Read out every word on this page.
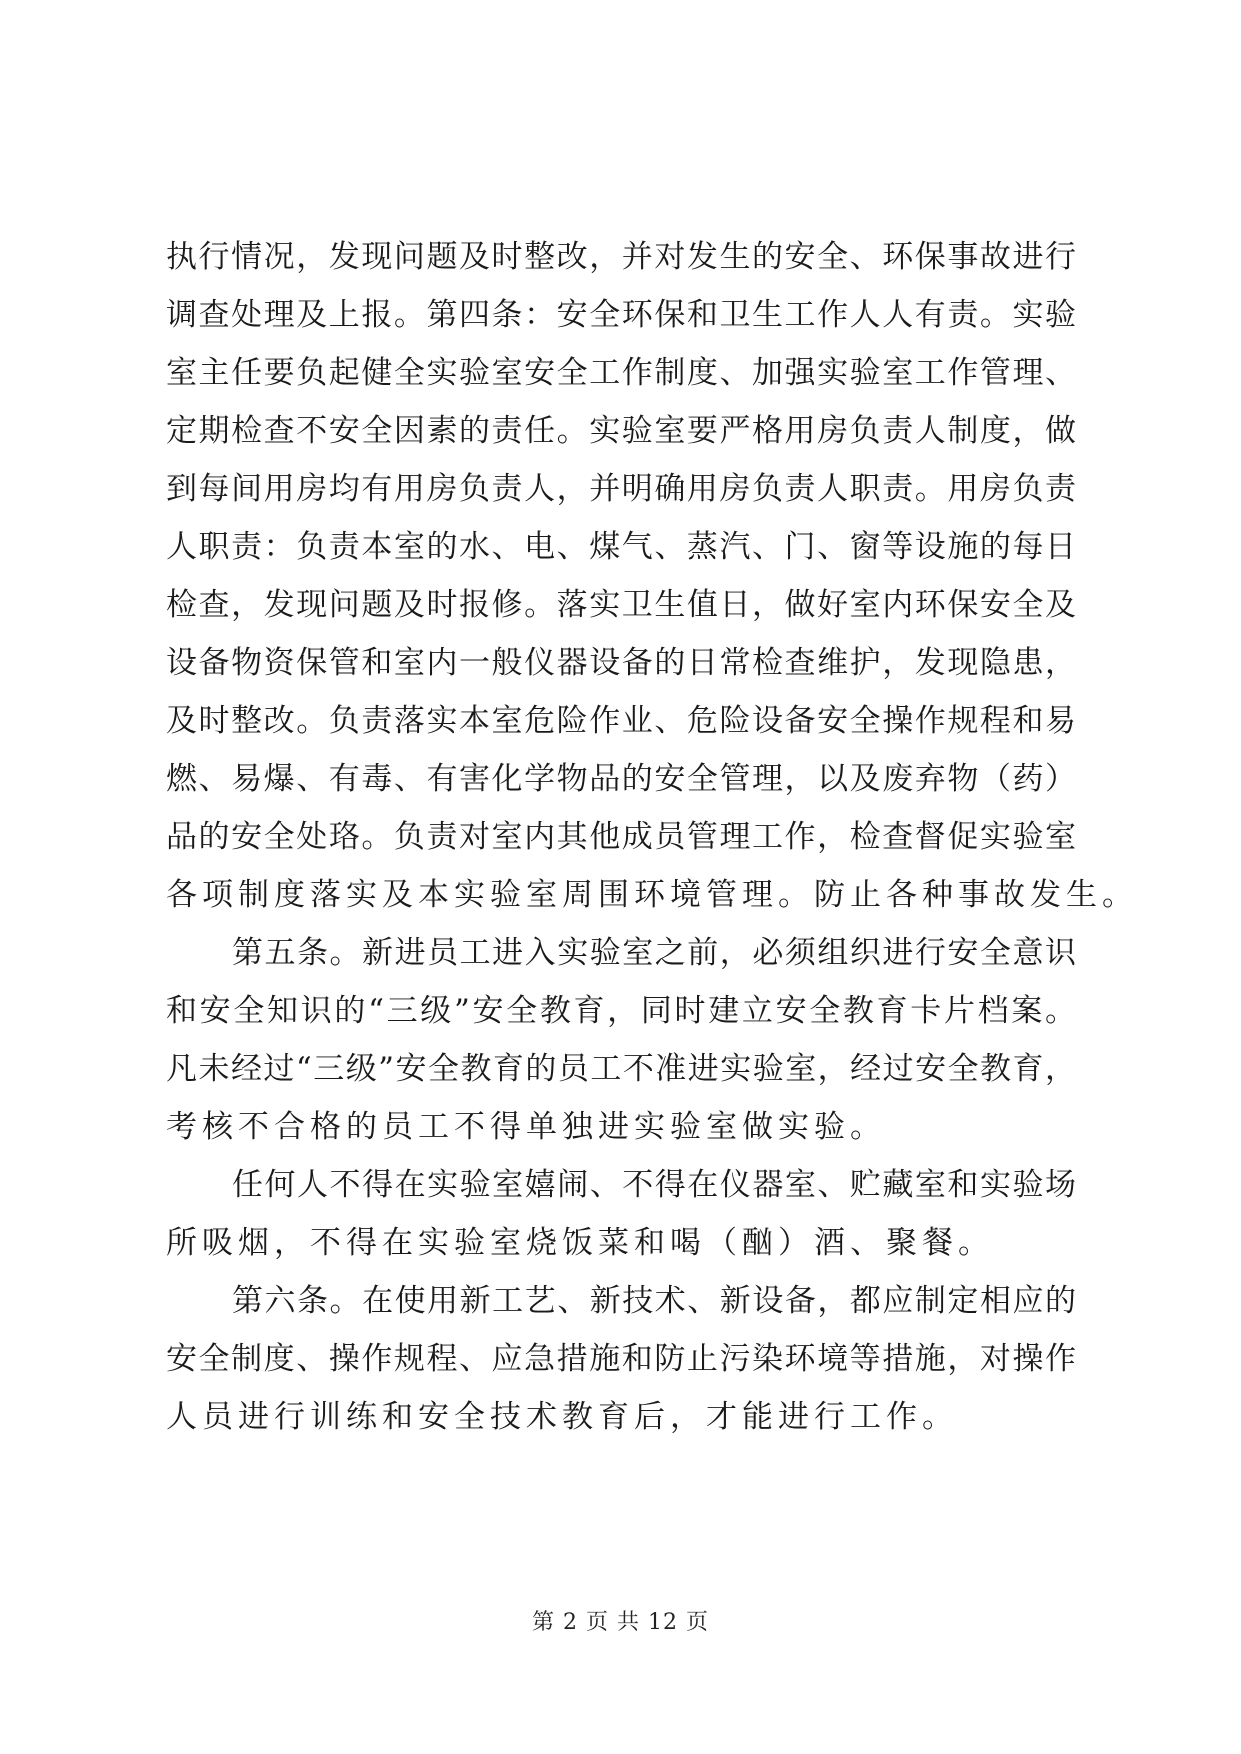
执行情况，发现问题及时整改，并对发生的安全、环保事故进行
调查处理及上报。第四条：安全环保和卫生工作人人有责。实验
室主任要负起健全实验室安全工作制度、加强实验室工作管理、
定期检查不安全因素的责任。实验室要严格用房负责人制度，做
到每间用房均有用房负责人，并明确用房负责人职责。用房负责
人职责：负责本室的水、电、煤气、蒸汽、门、窗等设施的每日
检查，发现问题及时报修。落实卫生值日，做好室内环保安全及
设备物资保管和室内一般仪器设备的日常检查维护，发现隐患，
及时整改。负责落实本室危险作业、危险设备安全操作规程和易
燃、易爆、有毒、有害化学物品的安全管理，以及废弃物（药）
品的安全处珞。负责对室内其他成员管理工作，检查督促实验室
各项制度落实及本实验室周围环境管理。防止各种事故发生。
第五条。新进员工进入实验室之前，必须组织进行安全意识
和安全知识的“三级”安全教育，同时建立安全教育卡片档案。
凡未经过“三级”安全教育的员工不准进实验室，经过安全教育，
考核不合格的员工不得单独进实验室做实验。
任何人不得在实验室嬉闹、不得在仪器室、贮藏室和实验场
所吸烟，不得在实验室烧饭菜和喝（酗）酒、聚餐。
第六条。在使用新工艺、新技术、新设备，都应制定相应的
安全制度、操作规程、应急措施和防止污染环境等措施，对操作
人员进行训练和安全技术教育后，才能进行工作。
第 2 页 共 12 页
